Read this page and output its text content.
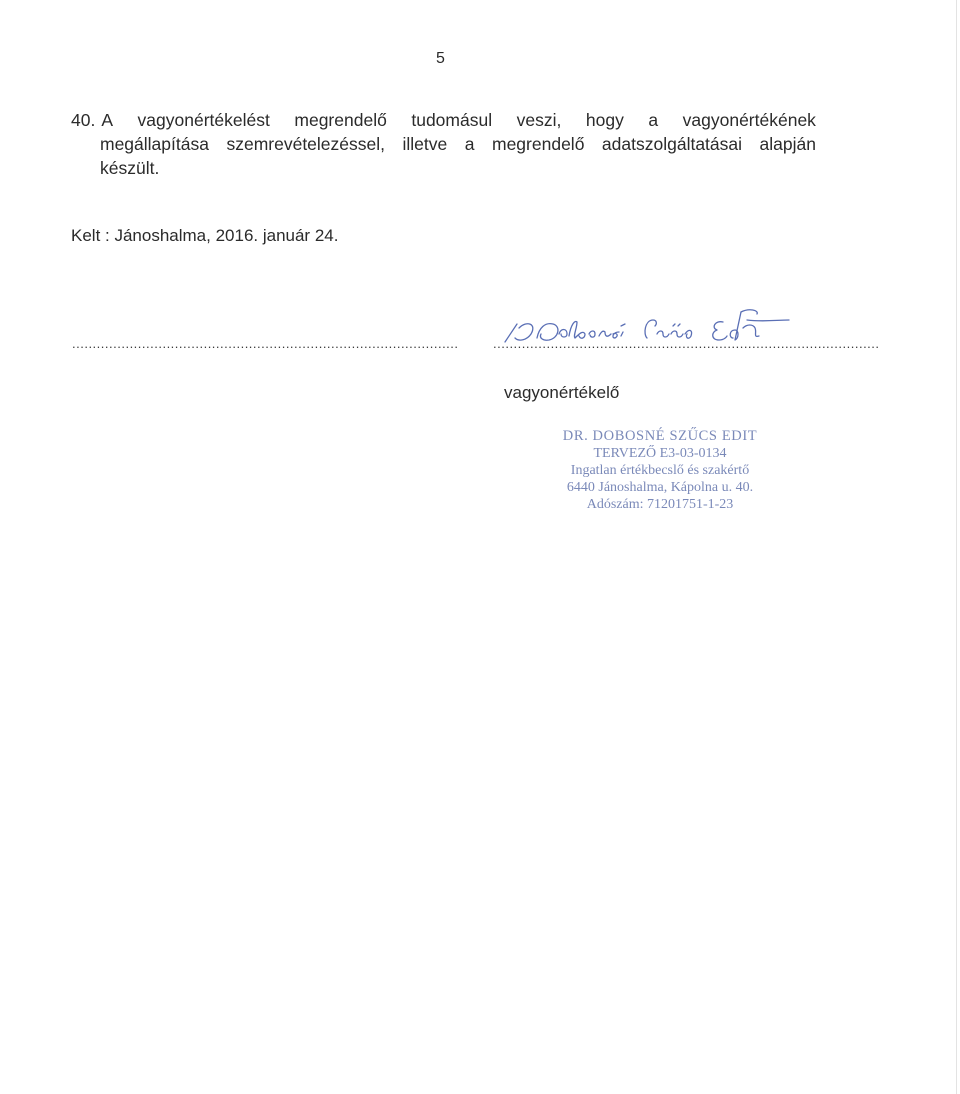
5
40. A vagyonértékelést megrendelő tudomásul veszi, hogy a vagyonértékének
megállapítása szemrevételezéssel, illetve a megrendelő adatszolgáltatásai alapján
készült.
Kelt : Jánoshalma, 2016. január 24.
..............................................................................................	..............................................................................................
vagyonértékelő
DR. DOBOSNÉ SZŰCS EDIT
TERVEZŐ E3-03-0134
Ingatlan értékbecslő és szakértő
6440 Jánoshalma, Kápolna u. 40.
Adószám: 71201751-1-23
